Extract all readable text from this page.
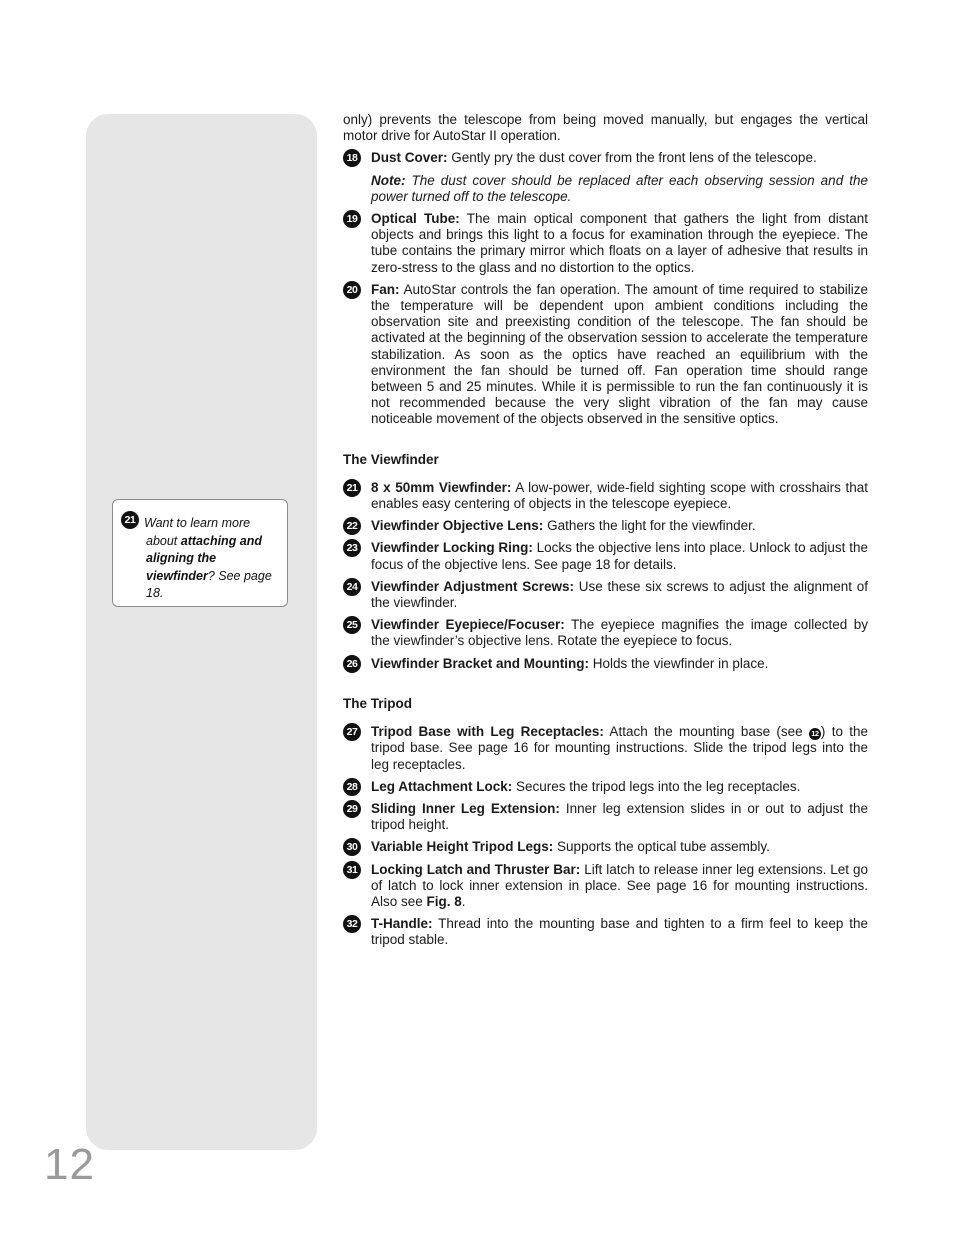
21 Want to learn more about attaching and aligning the viewfinder? See page 18.
12
only) prevents the telescope from being moved manually, but engages the vertical motor drive for AutoStar II operation.
18 Dust Cover: Gently pry the dust cover from the front lens of the telescope.
Note: The dust cover should be replaced after each observing session and the power turned off to the telescope.
19 Optical Tube: The main optical component that gathers the light from distant objects and brings this light to a focus for examination through the eyepiece. The tube contains the primary mirror which floats on a layer of adhesive that results in zero-stress to the glass and no distortion to the optics.
20 Fan: AutoStar controls the fan operation. The amount of time required to stabilize the temperature will be dependent upon ambient conditions including the observation site and preexisting condition of the telescope. The fan should be activated at the beginning of the observation session to accelerate the temperature stabilization. As soon as the optics have reached an equilibrium with the environment the fan should be turned off. Fan operation time should range between 5 and 25 minutes. While it is permissible to run the fan continuously it is not recommended because the very slight vibration of the fan may cause noticeable movement of the objects observed in the sensitive optics.
The Viewfinder
21 8 x 50mm Viewfinder: A low-power, wide-field sighting scope with crosshairs that enables easy centering of objects in the telescope eyepiece.
22 Viewfinder Objective Lens: Gathers the light for the viewfinder.
23 Viewfinder Locking Ring: Locks the objective lens into place. Unlock to adjust the focus of the objective lens. See page 18 for details.
24 Viewfinder Adjustment Screws: Use these six screws to adjust the alignment of the viewfinder.
25 Viewfinder Eyepiece/Focuser: The eyepiece magnifies the image collected by the viewfinder’s objective lens. Rotate the eyepiece to focus.
26 Viewfinder Bracket and Mounting: Holds the viewfinder in place.
The Tripod
27 Tripod Base with Leg Receptacles: Attach the mounting base (see 12 ) to the tripod base. See page 16 for mounting instructions. Slide the tripod legs into the leg receptacles.
28 Leg Attachment Lock: Secures the tripod legs into the leg receptacles.
29 Sliding Inner Leg Extension: Inner leg extension slides in or out to adjust the tripod height.
30 Variable Height Tripod Legs: Supports the optical tube assembly.
31 Locking Latch and Thruster Bar: Lift latch to release inner leg extensions. Let go of latch to lock inner extension in place. See page 16 for mounting instructions. Also see Fig. 8.
32 T-Handle: Thread into the mounting base and tighten to a firm feel to keep the tripod stable.
